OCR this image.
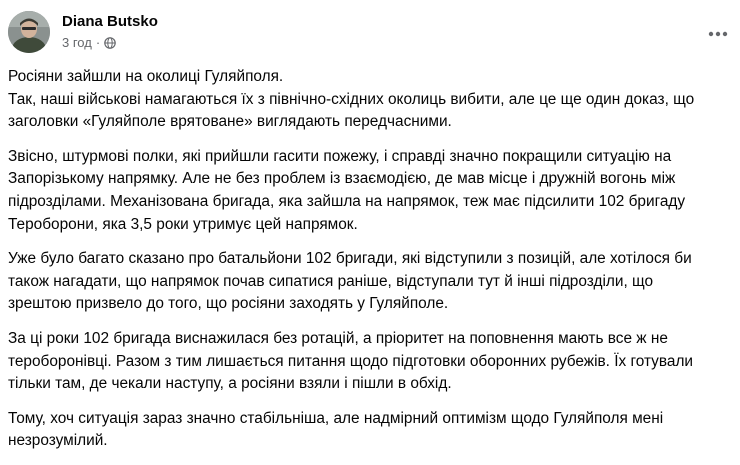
Diana Butsko
3 год ·

Росіяни зайшли на околиці Гуляйполя.
Так, наші військові намагаються їх з північно-східних околиць вибити, але це ще один доказ, що
заголовки «Гуляйполе врятоване» виглядають передчасними.

Звісно, штурмові полки, які прийшли гасити пожежу, і справді значно покращили ситуацію на
Запорізькому напрямку. Але не без проблем із взаємодією, де мав місце і дружній вогонь між
підрозділами. Механізована бригада, яка зайшла на напрямок, теж має підсилити 102 бригаду
Тероборони, яка 3,5 роки утримує цей напрямок.

Уже було багато сказано про батальйони 102 бригади, які відступили з позицій, але хотілося би
також нагадати, що напрямок почав сипатися раніше, відступали тут й інші підрозділи, що
зрештою призвело до того, що росіяни заходять у Гуляйполе.

За ці роки 102 бригада виснажилася без ротацій, а пріоритет на поповнення мають все ж не
тероборонівці. Разом з тим лишається питання щодо підготовки оборонних рубежів. Їх готували
тільки там, де чекали наступу, а росіяни взяли і пішли в обхід.

Тому, хоч ситуація зараз значно стабільніша, але надмірний оптимізм щодо Гуляйполя мені
незрозумілий.
